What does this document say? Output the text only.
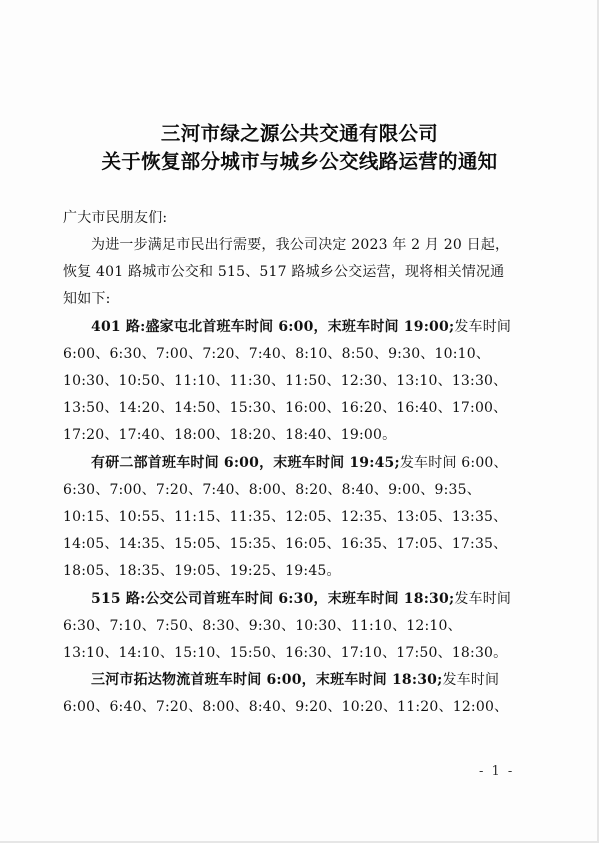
三河市绿之源公共交通有限公司
关于恢复部分城市与城乡公交线路运营的通知

广大市民朋友们:

为进一步满足市民出行需要，我公司决定 2023 年 2 月 20 日起，恢复 401 路城市公交和 515、517 路城乡公交运营，现将相关情况通知如下:

401 路:盛家屯北首班车时间 6:00，末班车时间 19:00;发车时间 6:00、6:30、7:00、7:20、7:40、8:10、8:50、9:30、10:10、10:30、10:50、11:10、11:30、11:50、12:30、13:10、13:30、13:50、14:20、14:50、15:30、16:00、16:20、16:40、17:00、17:20、17:40、18:00、18:20、18:40、19:00。

有研二部首班车时间 6:00，末班车时间 19:45;发车时间 6:00、6:30、7:00、7:20、7:40、8:00、8:20、8:40、9:00、9:35、10:15、10:55、11:15、11:35、12:05、12:35、13:05、13:35、14:05、14:35、15:05、15:35、16:05、16:35、17:05、17:35、18:05、18:35、19:05、19:25、19:45。

515 路:公交公司首班车时间 6:30，末班车时间 18:30;发车时间 6:30、7:10、7:50、8:30、9:30、10:30、11:10、12:10、13:10、14:10、15:10、15:50、16:30、17:10、17:50、18:30。

三河市拓达物流首班车时间 6:00，末班车时间 18:30;发车时间 6:00、6:40、7:20、8:00、8:40、9:20、10:20、11:20、12:00、

- 1 -
